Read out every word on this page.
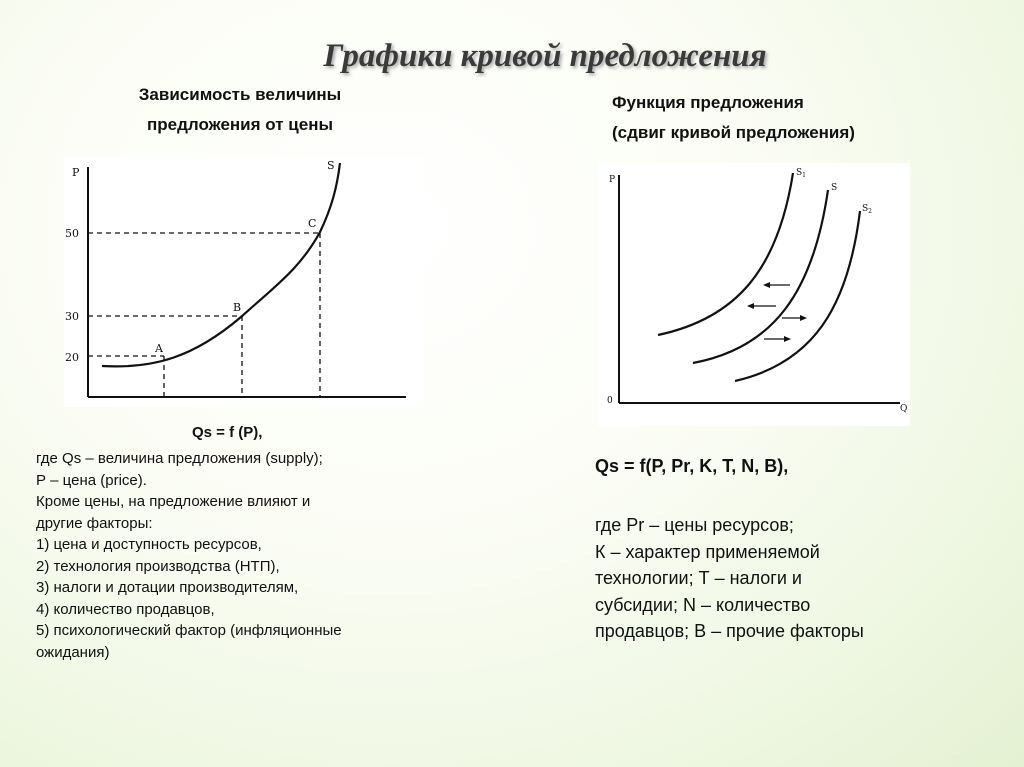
Графики кривой предложения
Зависимость величины
предложения от цены
Функция предложения
(сдвиг кривой предложения)
P
S
20
30
50
A
B
C
P
0
Q
$S_1$
S
$S_2$
Qs = f (P),
где Qs – величина предложения (supply);
Р – цена (price).
Кроме цены, на предложение влияют и
другие факторы:
1) цена и доступность ресурсов,
2) технология производства (НТП),
3) налоги и дотации производителям,
4) количество продавцов,
5) психологический фактор (инфляционные
ожидания)
Qs = f(P, Pr, K, T, N, B),
где Pr – цены ресурсов;
К – характер применяемой
технологии; Т – налоги и
субсидии; N – количество
продавцов; В – прочие факторы
